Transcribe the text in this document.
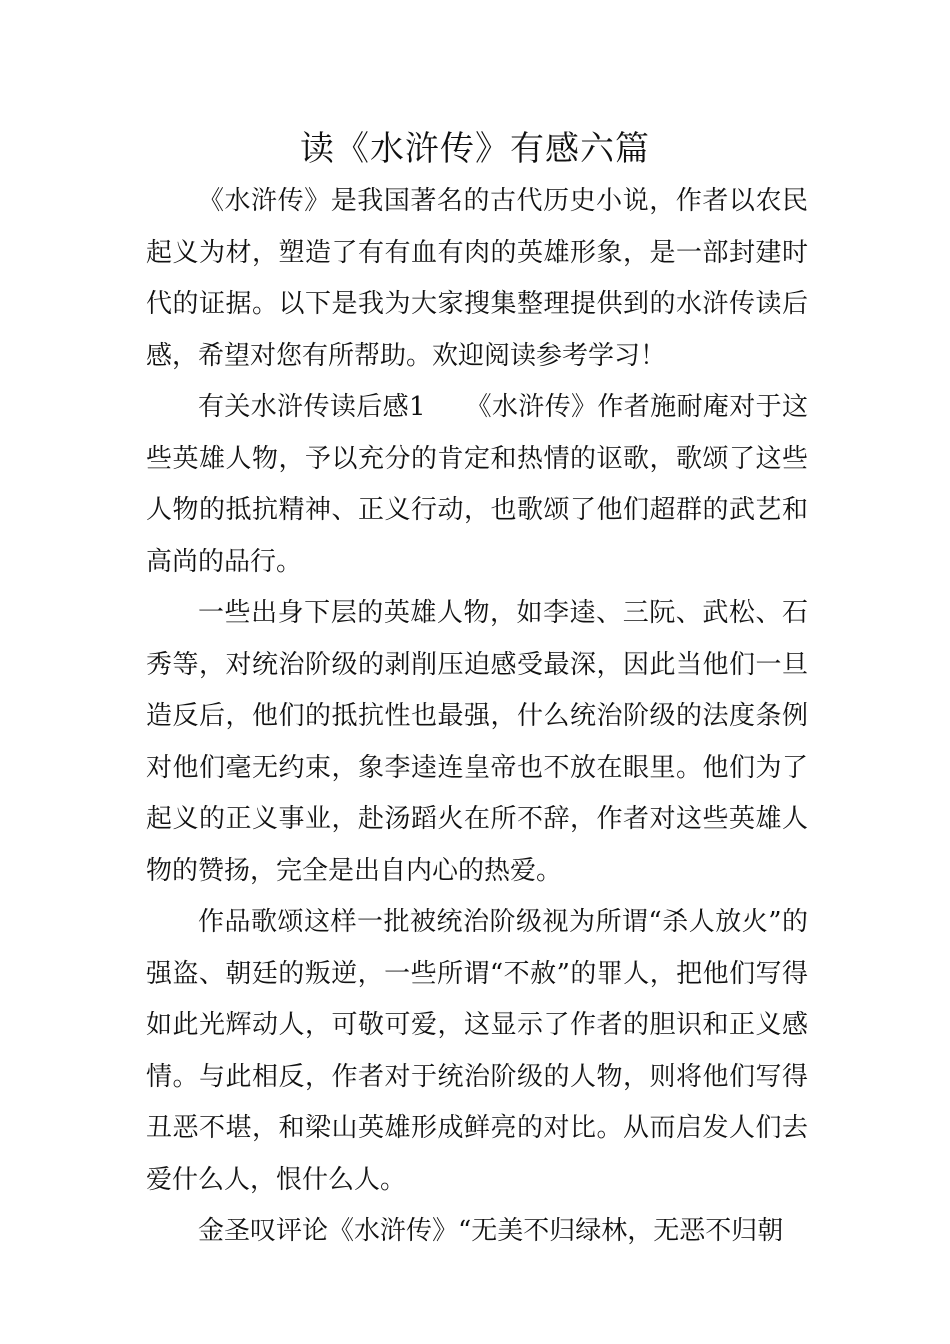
读《水浒传》有感六篇

《水浒传》是我国著名的古代历史小说，作者以农民起义为材，塑造了有有血有肉的英雄形象，是一部封建时代的证据。以下是我为大家搜集整理提供到的水浒传读后感，希望对您有所帮助。欢迎阅读参考学习！

有关水浒传读后感1　　《水浒传》作者施耐庵对于这些英雄人物，予以充分的肯定和热情的讴歌，歌颂了这些人物的抵抗精神、正义行动，也歌颂了他们超群的武艺和高尚的品行。

一些出身下层的英雄人物，如李逵、三阮、武松、石秀等，对统治阶级的剥削压迫感受最深，因此当他们一旦造反后，他们的抵抗性也最强，什么统治阶级的法度条例对他们毫无约束，象李逵连皇帝也不放在眼里。他们为了起义的正义事业，赴汤蹈火在所不辞，作者对这些英雄人物的赞扬，完全是出自内心的热爱。

作品歌颂这样一批被统治阶级视为所谓“杀人放火”的强盗、朝廷的叛逆，一些所谓“不赦”的罪人，把他们写得如此光辉动人，可敬可爱，这显示了作者的胆识和正义感情。与此相反，作者对于统治阶级的人物，则将他们写得丑恶不堪，和梁山英雄形成鲜亮的对比。从而启发人们去爱什么人，恨什么人。

金圣叹评论《水浒传》“无美不归绿林，无恶不归朝
